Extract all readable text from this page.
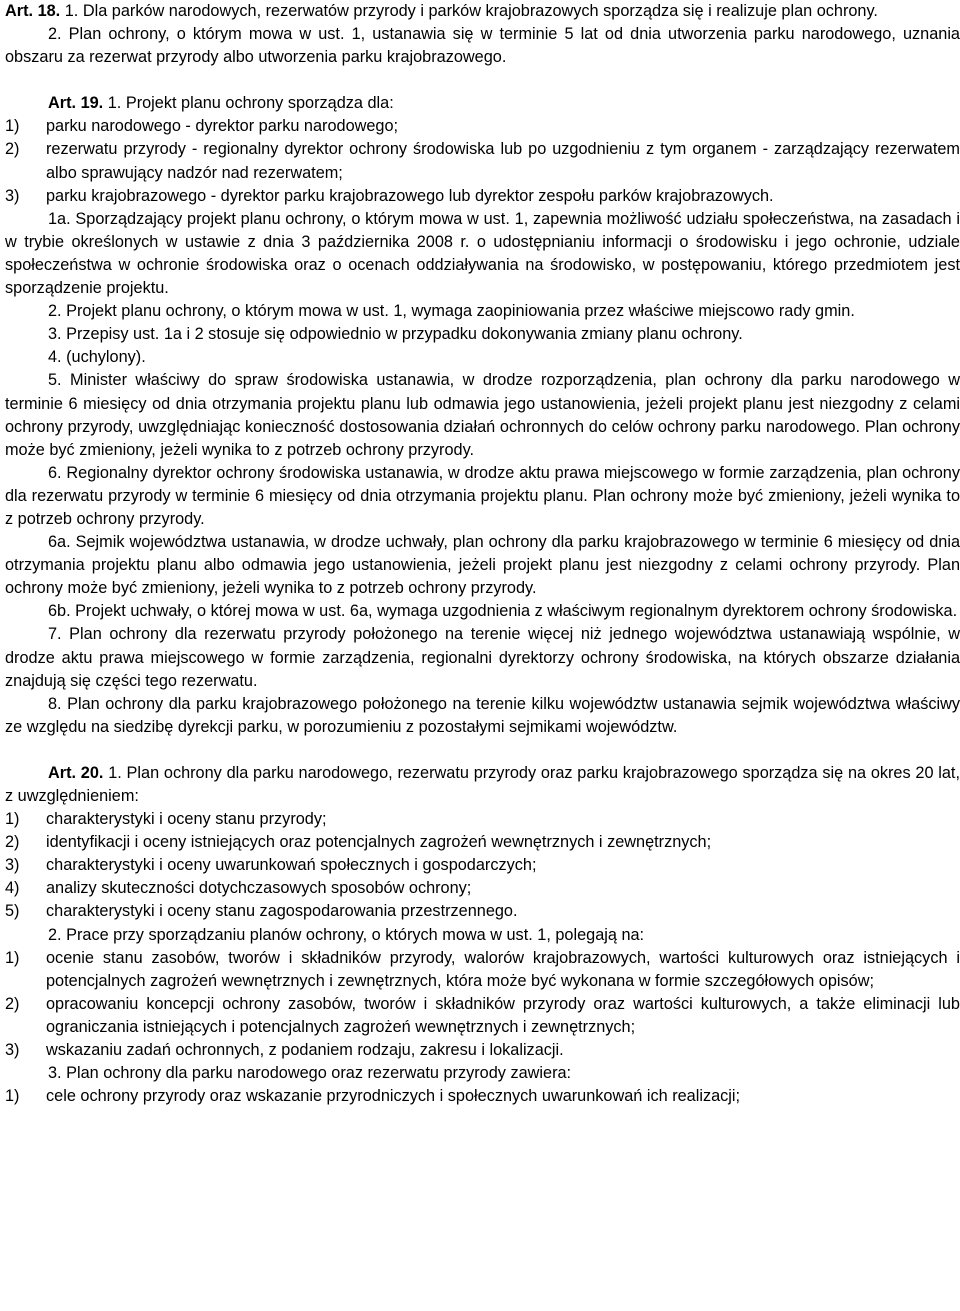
Art. 18. 1. Dla parków narodowych, rezerwatów przyrody i parków krajobrazowych sporządza się i realizuje plan ochrony.

2. Plan ochrony, o którym mowa w ust. 1, ustanawia się w terminie 5 lat od dnia utworzenia parku narodowego, uznania obszaru za rezerwat przyrody albo utworzenia parku krajobrazowego.

Art. 19. 1. Projekt planu ochrony sporządza dla:

1)	parku narodowego - dyrektor parku narodowego;
2)	rezerwatu przyrody - regionalny dyrektor ochrony środowiska lub po uzgodnieniu z tym organem - zarządzający rezerwatem albo sprawujący nadzór nad rezerwatem;
3)	parku krajobrazowego - dyrektor parku krajobrazowego lub dyrektor zespołu parków krajobrazowych.

1a. Sporządzający projekt planu ochrony, o którym mowa w ust. 1, zapewnia możliwość udziału społeczeństwa, na zasadach i w trybie określonych w ustawie z dnia 3 października 2008 r. o udostępnianiu informacji o środowisku i jego ochronie, udziale społeczeństwa w ochronie środowiska oraz o ocenach oddziaływania na środowisko, w postępowaniu, którego przedmiotem jest sporządzenie projektu.

2. Projekt planu ochrony, o którym mowa w ust. 1, wymaga zaopiniowania przez właściwe miejscowo rady gmin.

3. Przepisy ust. 1a i 2 stosuje się odpowiednio w przypadku dokonywania zmiany planu ochrony.

4. (uchylony).

5. Minister właściwy do spraw środowiska ustanawia, w drodze rozporządzenia, plan ochrony dla parku narodowego w terminie 6 miesięcy od dnia otrzymania projektu planu lub odmawia jego ustanowienia, jeżeli projekt planu jest niezgodny z celami ochrony przyrody, uwzględniając konieczność dostosowania działań ochronnych do celów ochrony parku narodowego. Plan ochrony może być zmieniony, jeżeli wynika to z potrzeb ochrony przyrody.

6. Regionalny dyrektor ochrony środowiska ustanawia, w drodze aktu prawa miejscowego w formie zarządzenia, plan ochrony dla rezerwatu przyrody w terminie 6 miesięcy od dnia otrzymania projektu planu. Plan ochrony może być zmieniony, jeżeli wynika to z potrzeb ochrony przyrody.

6a. Sejmik województwa ustanawia, w drodze uchwały, plan ochrony dla parku krajobrazowego w terminie 6 miesięcy od dnia otrzymania projektu planu albo odmawia jego ustanowienia, jeżeli projekt planu jest niezgodny z celami ochrony przyrody. Plan ochrony może być zmieniony, jeżeli wynika to z potrzeb ochrony przyrody.

6b. Projekt uchwały, o której mowa w ust. 6a, wymaga uzgodnienia z właściwym regionalnym dyrektorem ochrony środowiska.

7. Plan ochrony dla rezerwatu przyrody położonego na terenie więcej niż jednego województwa ustanawiają wspólnie, w drodze aktu prawa miejscowego w formie zarządzenia, regionalni dyrektorzy ochrony środowiska, na których obszarze działania znajdują się części tego rezerwatu.

8. Plan ochrony dla parku krajobrazowego położonego na terenie kilku województw ustanawia sejmik województwa właściwy ze względu na siedzibę dyrekcji parku, w porozumieniu z pozostałymi sejmikami województw.

Art. 20. 1. Plan ochrony dla parku narodowego, rezerwatu przyrody oraz parku krajobrazowego sporządza się na okres 20 lat, z uwzględnieniem:

1)	charakterystyki i oceny stanu przyrody;
2)	identyfikacji i oceny istniejących oraz potencjalnych zagrożeń wewnętrznych i zewnętrznych;
3)	charakterystyki i oceny uwarunkowań społecznych i gospodarczych;
4)	analizy skuteczności dotychczasowych sposobów ochrony;
5)	charakterystyki i oceny stanu zagospodarowania przestrzennego.

2. Prace przy sporządzaniu planów ochrony, o których mowa w ust. 1, polegają na:

1)	ocenie stanu zasobów, tworów i składników przyrody, walorów krajobrazowych, wartości kulturowych oraz istniejących i potencjalnych zagrożeń wewnętrznych i zewnętrznych, która może być wykonana w formie szczegółowych opisów;
2)	opracowaniu koncepcji ochrony zasobów, tworów i składników przyrody oraz wartości kulturowych, a także eliminacji lub ograniczania istniejących i potencjalnych zagrożeń wewnętrznych i zewnętrznych;
3)	wskazaniu zadań ochronnych, z podaniem rodzaju, zakresu i lokalizacji.

3. Plan ochrony dla parku narodowego oraz rezerwatu przyrody zawiera:

1)	cele ochrony przyrody oraz wskazanie przyrodniczych i społecznych uwarunkowań ich realizacji;
